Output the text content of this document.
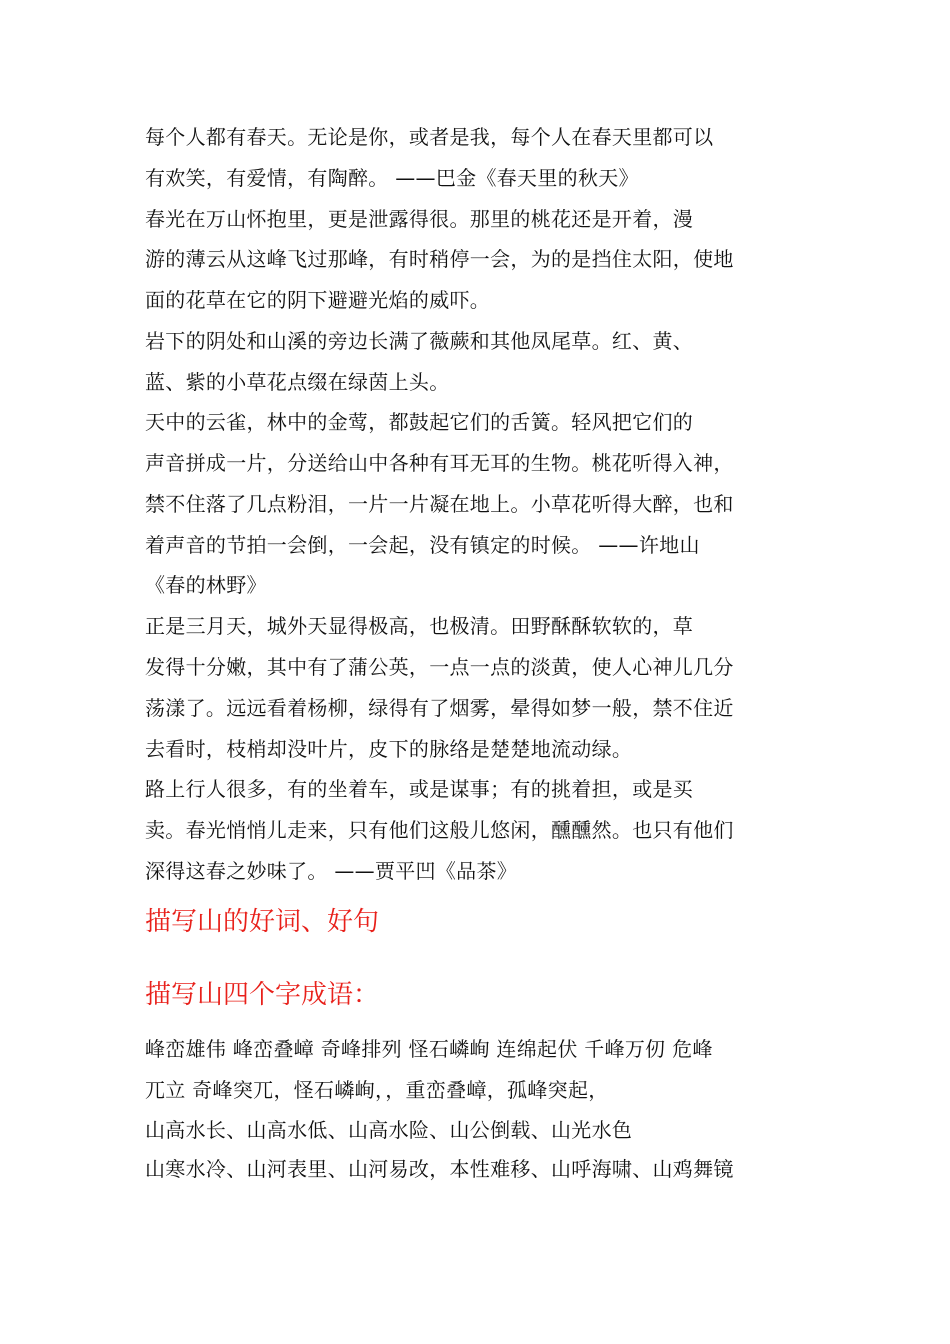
每个人都有春天。无论是你，或者是我，每个人在春天里都可以
有欢笑，有爱情，有陶醉。 ——巴金《春天里的秋天》
春光在万山怀抱里，更是泄露得很。那里的桃花还是开着，漫
游的薄云从这峰飞过那峰，有时稍停一会，为的是挡住太阳，使地
面的花草在它的阴下避避光焰的威吓。
岩下的阴处和山溪的旁边长满了薇蕨和其他凤尾草。红、黄、
蓝、紫的小草花点缀在绿茵上头。
天中的云雀，林中的金莺，都鼓起它们的舌簧。轻风把它们的
声音拼成一片，分送给山中各种有耳无耳的生物。桃花听得入神，
禁不住落了几点粉泪，一片一片凝在地上。小草花听得大醉，也和
着声音的节拍一会倒，一会起，没有镇定的时候。 ——许地山
《春的林野》
正是三月天，城外天显得极高，也极清。田野酥酥软软的，草
发得十分嫩，其中有了蒲公英，一点一点的淡黄，使人心神儿几分
荡漾了。远远看着杨柳，绿得有了烟雾，晕得如梦一般，禁不住近
去看时，枝梢却没叶片，皮下的脉络是楚楚地流动绿。
路上行人很多，有的坐着车，或是谋事；有的挑着担，或是买
卖。春光悄悄儿走来，只有他们这般儿悠闲，醺醺然。也只有他们
深得这春之妙味了。 ——贾平凹《品茶》
描写山的好词、好句
描写山四个字成语：
峰峦雄伟 峰峦叠嶂 奇峰排列 怪石嶙峋 连绵起伏 千峰万仞 危峰
兀立 奇峰突兀，怪石嶙峋，，重峦叠嶂，孤峰突起，
山高水长、山高水低、山高水险、山公倒载、山光水色
山寒水冷、山河表里、山河易改，本性难移、山呼海啸、山鸡舞镜
